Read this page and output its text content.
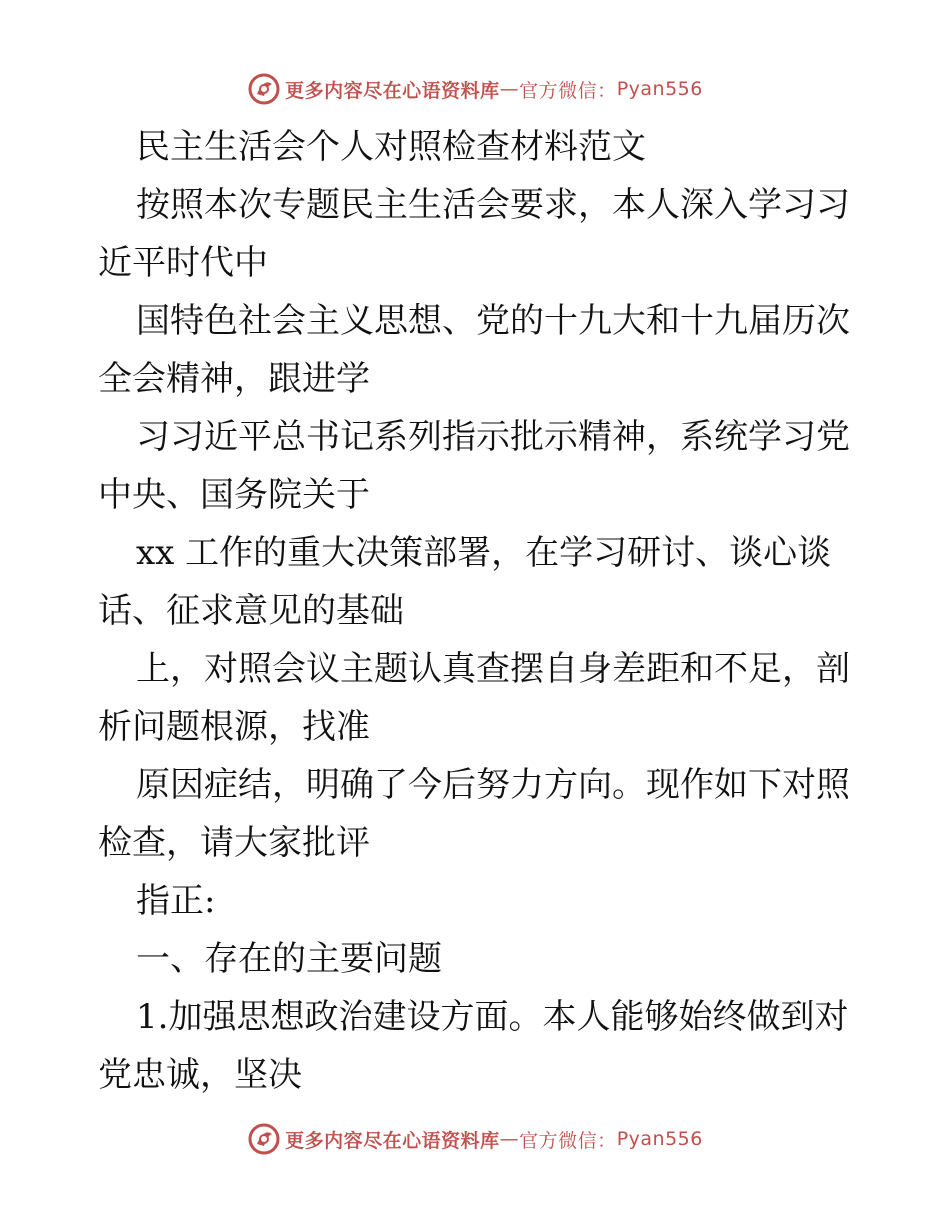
更多内容尽在心语资料库 — 官方微信： Pyan556

民主生活会个人对照检查材料范文

按照本次专题民主生活会要求，本人深入学习习
近平时代中

国特色社会主义思想、党的十九大和十九届历次
全会精神，跟进学

习习近平总书记系列指示批示精神，系统学习党
中央、国务院关于

xx 工作的重大决策部署，在学习研讨、谈心谈
话、征求意见的基础

上，对照会议主题认真查摆自身差距和不足，剖
析问题根源，找准

原因症结，明确了今后努力方向。现作如下对照
检查，请大家批评

指正:

一、存在的主要问题

1.加强思想政治建设方面。本人能够始终做到对
党忠诚，坚决

更多内容尽在心语资料库 — 官方微信： Pyan556
